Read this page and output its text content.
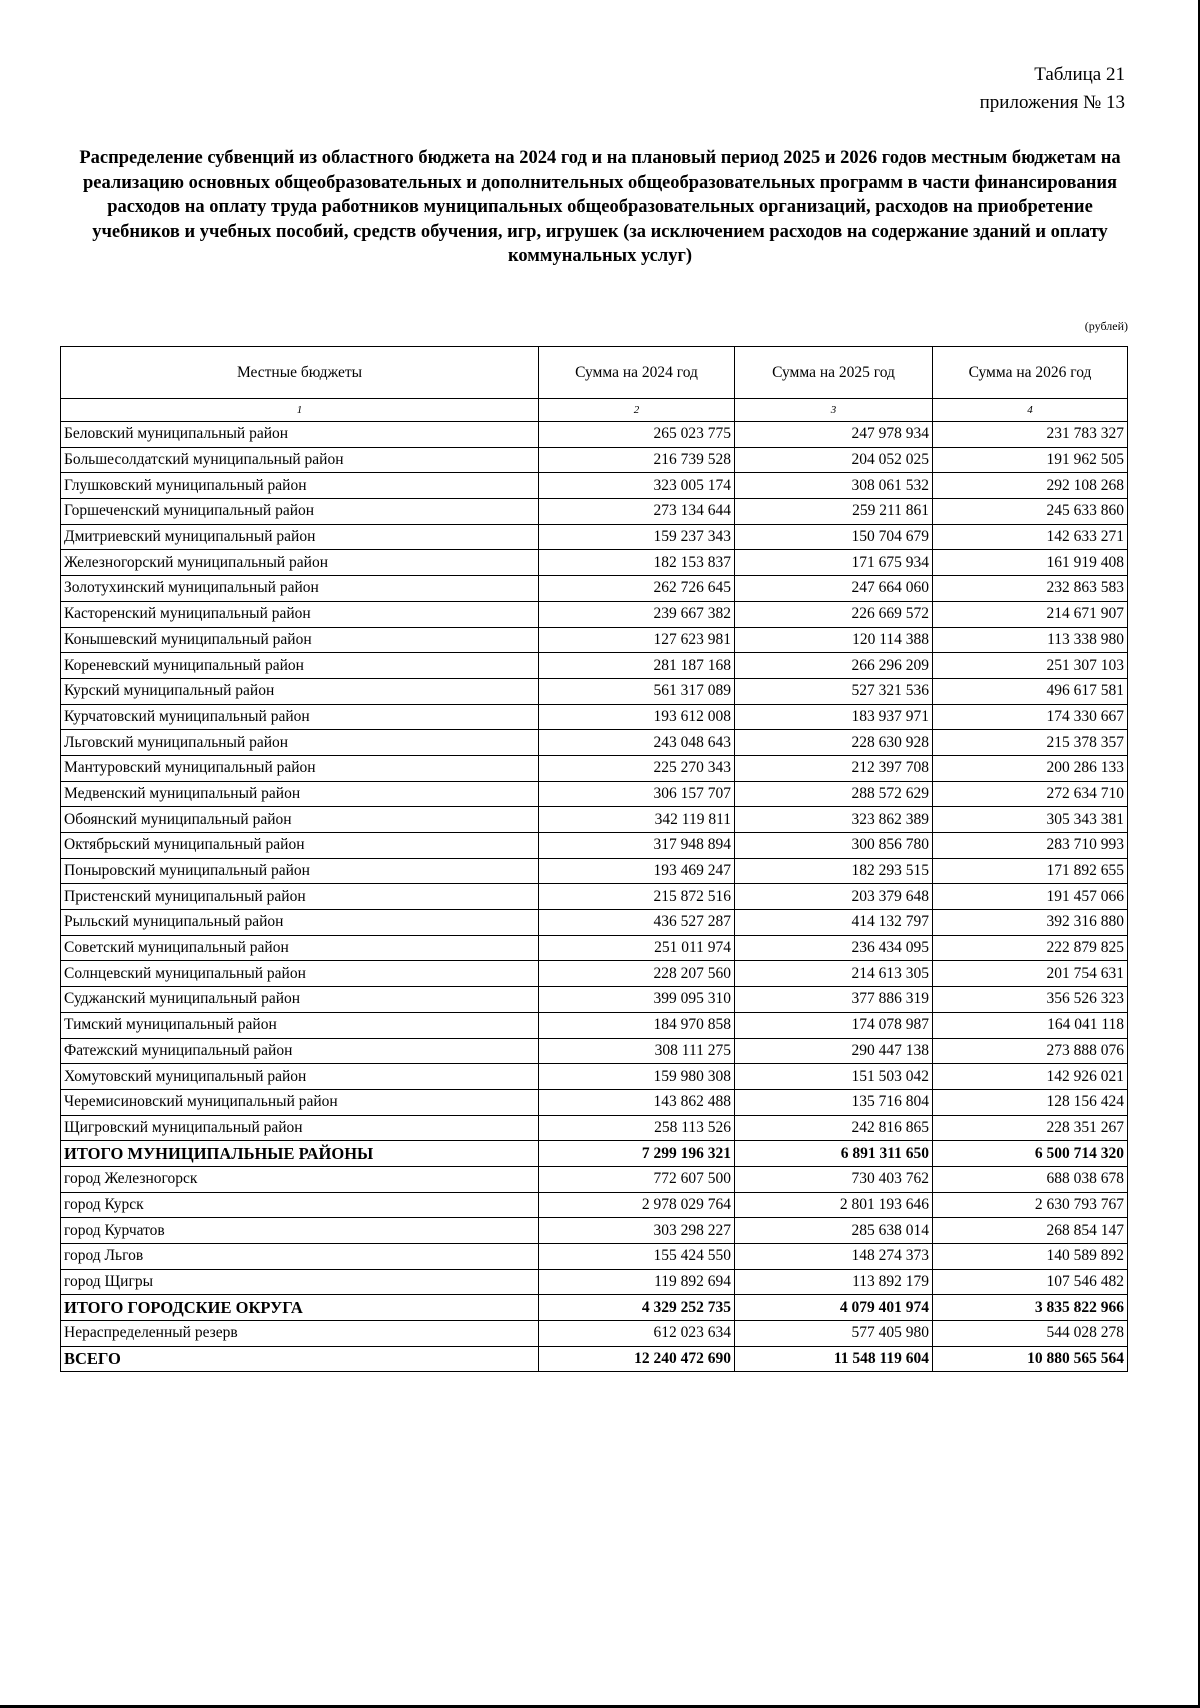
Таблица 21
приложения № 13
Распределение субвенций из областного бюджета на 2024 год и на плановый период 2025 и 2026 годов местным бюджетам на реализацию основных общеобразовательных и дополнительных общеобразовательных программ в части финансирования расходов на оплату труда работников муниципальных общеобразовательных организаций, расходов на приобретение учебников и учебных пособий, средств обучения, игр, игрушек (за исключением расходов на содержание зданий и оплату коммунальных услуг)
(рублей)
Местные бюджеты	Сумма на 2024 год	Сумма на 2025 год	Сумма на 2026 год
1	2	3	4
Беловский муниципальный район	265 023 775	247 978 934	231 783 327
Большесолдатский муниципальный район	216 739 528	204 052 025	191 962 505
Глушковский муниципальный район	323 005 174	308 061 532	292 108 268
Горшеченский муниципальный район	273 134 644	259 211 861	245 633 860
Дмитриевский муниципальный район	159 237 343	150 704 679	142 633 271
Железногорский муниципальный район	182 153 837	171 675 934	161 919 408
Золотухинский муниципальный район	262 726 645	247 664 060	232 863 583
Касторенский муниципальный район	239 667 382	226 669 572	214 671 907
Конышевский муниципальный район	127 623 981	120 114 388	113 338 980
Кореневский муниципальный район	281 187 168	266 296 209	251 307 103
Курский муниципальный район	561 317 089	527 321 536	496 617 581
Курчатовский муниципальный район	193 612 008	183 937 971	174 330 667
Льговский муниципальный район	243 048 643	228 630 928	215 378 357
Мантуровский муниципальный район	225 270 343	212 397 708	200 286 133
Медвенский муниципальный район	306 157 707	288 572 629	272 634 710
Обоянский муниципальный район	342 119 811	323 862 389	305 343 381
Октябрьский муниципальный район	317 948 894	300 856 780	283 710 993
Поныровский муниципальный район	193 469 247	182 293 515	171 892 655
Пристенский муниципальный район	215 872 516	203 379 648	191 457 066
Рыльский муниципальный район	436 527 287	414 132 797	392 316 880
Советский муниципальный район	251 011 974	236 434 095	222 879 825
Солнцевский муниципальный район	228 207 560	214 613 305	201 754 631
Суджанский муниципальный район	399 095 310	377 886 319	356 526 323
Тимский муниципальный район	184 970 858	174 078 987	164 041 118
Фатежский муниципальный район	308 111 275	290 447 138	273 888 076
Хомутовский муниципальный район	159 980 308	151 503 042	142 926 021
Черемисиновский муниципальный район	143 862 488	135 716 804	128 156 424
Щигровский муниципальный район	258 113 526	242 816 865	228 351 267
ИТОГО МУНИЦИПАЛЬНЫЕ РАЙОНЫ	7 299 196 321	6 891 311 650	6 500 714 320
город Железногорск	772 607 500	730 403 762	688 038 678
город Курск	2 978 029 764	2 801 193 646	2 630 793 767
город Курчатов	303 298 227	285 638 014	268 854 147
город Льгов	155 424 550	148 274 373	140 589 892
город Щигры	119 892 694	113 892 179	107 546 482
ИТОГО ГОРОДСКИЕ ОКРУГА	4 329 252 735	4 079 401 974	3 835 822 966
Нераспределенный резерв	612 023 634	577 405 980	544 028 278
ВСЕГО	12 240 472 690	11 548 119 604	10 880 565 564
